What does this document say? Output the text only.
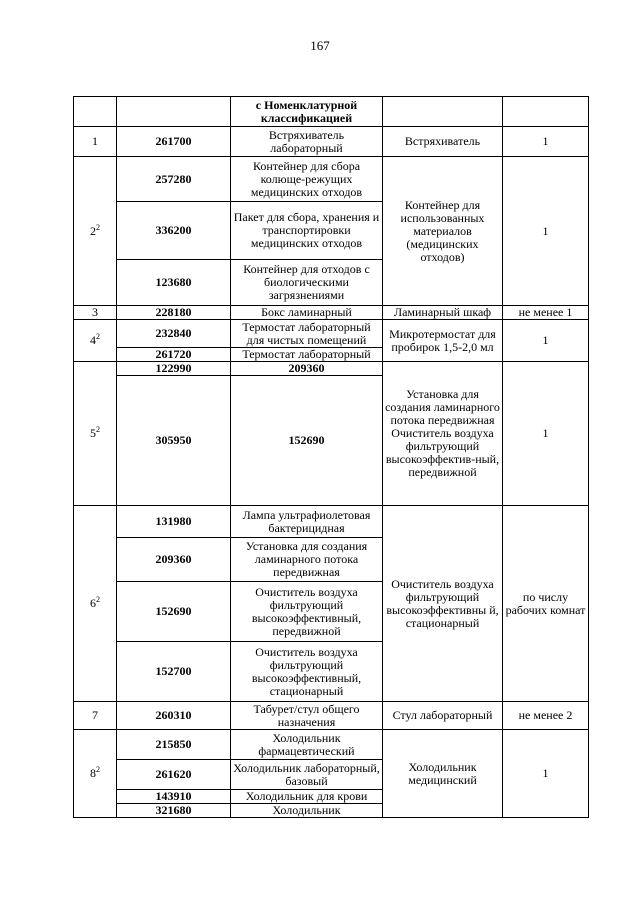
167
		с Номенклатурной классификацией		
1	261700	Встряхиватель лабораторный	Встряхиватель	1
$2^2$	257280	Контейнер для сбора колюще-режущих медицинских отходов	Контейнер для использованных материалов (медицинских отходов)	1
	336200	Пакет для сбора, хранения и транспортировки медицинских отходов		
	123680	Контейнер для отходов с биологическими загрязнениями		
3	228180	Бокс ламинарный	Ламинарный шкаф	не менее 1
$4^2$	232840	Термостат лабораторный для чистых помещений	Микротермостат для пробирок 1,5-2,0 мл	1
	261720	Термостат лабораторный		
$5^2$	122990	209360	Установка для создания ламинарного потока передвижная Очиститель воздуха фильтрующий высокоэффектив-ный, передвижной	1
	305950	152690		
$6^2$	131980	Лампа ультрафиолетовая бактерицидная	Очиститель воздуха фильтрующий высокоэффективны й, стационарный	по числу рабочих комнат
	209360	Установка для создания ламинарного потока передвижная		
	152690	Очиститель воздуха фильтрующий высокоэффективный, передвижной		
	152700	Очиститель воздуха фильтрующий высокоэффективный, стационарный		
7	260310	Табурет/стул общего назначения	Стул лабораторный	не менее 2
$8^2$	215850	Холодильник фармацевтический	Холодильник медицинский	1
	261620	Холодильник лабораторный, базовый		
	143910	Холодильник для крови		
	321680	Холодильник		
